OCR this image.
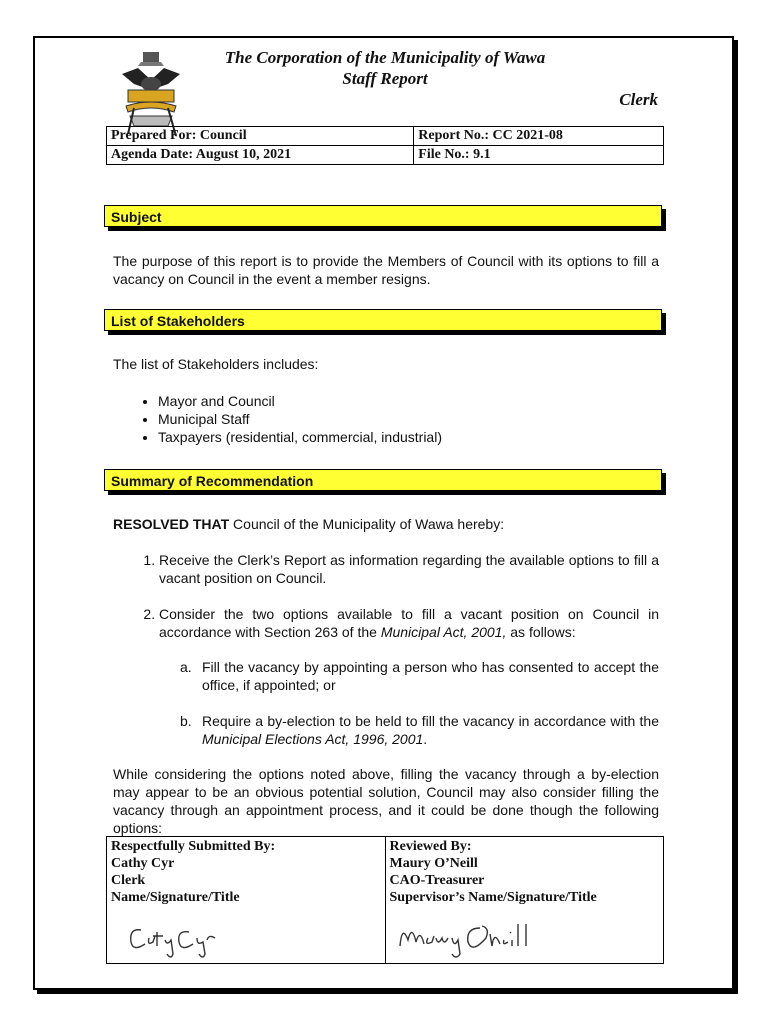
The Corporation of the Municipality of Wawa
Staff Report
Clerk
Prepared For: Council	Report No.: CC 2021-08
Agenda Date: August 10, 2021	File No.: 9.1
Subject
The purpose of this report is to provide the Members of Council with its options to fill a vacancy on Council in the event a member resigns.
List of Stakeholders
The list of Stakeholders includes:
• Mayor and Council
• Municipal Staff
• Taxpayers (residential, commercial, industrial)
Summary of Recommendation
RESOLVED THAT Council of the Municipality of Wawa hereby:
1. Receive the Clerk’s Report as information regarding the available options to fill a vacant position on Council.
2. Consider the two options available to fill a vacant position on Council in accordance with Section 263 of the Municipal Act, 2001, as follows:
a. Fill the vacancy by appointing a person who has consented to accept the office, if appointed; or
b. Require a by-election to be held to fill the vacancy in accordance with the Municipal Elections Act, 1996, 2001.
While considering the options noted above, filling the vacancy through a by-election may appear to be an obvious potential solution, Council may also consider filling the vacancy through an appointment process, and it could be done though the following options:
Respectfully Submitted By:
Cathy Cyr
Clerk
Name/Signature/Title
Cathy Cyr

Reviewed By:
Maury O’Neill
CAO-Treasurer
Supervisor’s Name/Signature/Title
Maury O'Neill
